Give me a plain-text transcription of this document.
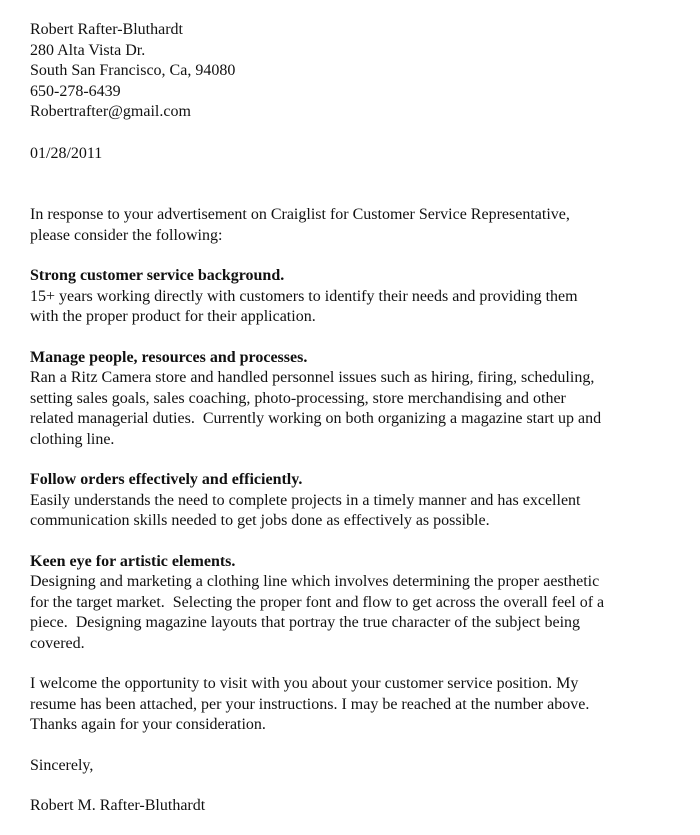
Robert Rafter-Bluthardt
280 Alta Vista Dr.
South San Francisco, Ca, 94080
650-278-6439
Robertrafter@gmail.com
01/28/2011
In response to your advertisement on Craiglist for Customer Service Representative,
please consider the following:
Strong customer service background.
15+ years working directly with customers to identify their needs and providing them
with the proper product for their application.
Manage people, resources and processes.
Ran a Ritz Camera store and handled personnel issues such as hiring, firing, scheduling,
setting sales goals, sales coaching, photo-processing, store merchandising and other
related managerial duties.  Currently working on both organizing a magazine start up and
clothing line.
Follow orders effectively and efficiently.
Easily understands the need to complete projects in a timely manner and has excellent
communication skills needed to get jobs done as effectively as possible.
Keen eye for artistic elements.
Designing and marketing a clothing line which involves determining the proper aesthetic
for the target market.  Selecting the proper font and flow to get across the overall feel of a
piece.  Designing magazine layouts that portray the true character of the subject being
covered.
I welcome the opportunity to visit with you about your customer service position. My
resume has been attached, per your instructions. I may be reached at the number above.
Thanks again for your consideration.
Sincerely,
Robert M. Rafter-Bluthardt
